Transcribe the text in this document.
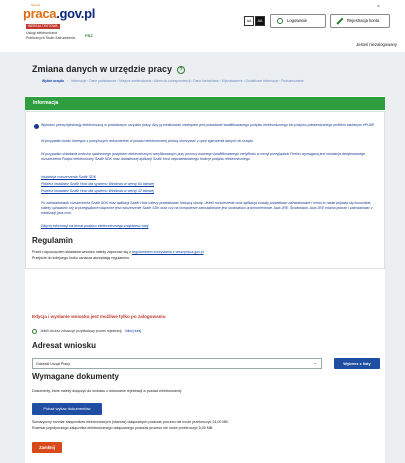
Serwis
praca.gov.pl
WERSJA TESTOWA
Usługi elektroniczne
Publicznych Służb Zatrudnienia	PSZ
AA	AA	Logowanie	Rejestracja konta
×
Jesteś niezalogowany
Zmiana danych w urzędzie pracy	?
Wybór urzędu › Informacje › Dane podstawowe › Miejsce zamieszkania › Adres do korespondencji › Dane kontaktowe › Wykształcenie › Dodatkowe informacje › Podsumowanie
Informacja
Wybrano pełną rejestrację elektroniczną w powiatowym urzędzie pracy. Aby ją zrealizować niezbędne jest posiadanie kwalifikowanego podpisu elektronicznego lub podpisu potwierdzonego profilem zaufanym ePUAP.
W przypadku braku któregoś z powyższych dokumentów w postaci elektronicznej proszę skorzystać z opcji zgłoszenia danych do urzędu.
W przypadku składania wniosku opatrzonego podpisem elektronicznym weryfikowanym przy pomocy ważnego kwalifikowanego certyfikatu w wersji przeglądarki Firefox wymagana jest instalacja dedykowanego rozszerzenia Podpis elektroniczny Szafir SDK oraz dodatkowej aplikacji Szafir Host odpowiedzialnego funkcje podpisu elektronicznego.
Instalacja rozszerzenia Szafir SDK
Pobierz instalator Szafir Host dla systemu Windows w wersji 64 bitowej
Pobierz instalator Szafir Host dla systemu Windows w wersji 32 bitowej
Po zainstalowaniu rozszerzenia Szafir SDK oraz aplikacji Szafir Host należy przeładować bieżącą stronę. Jeżeli rozszerzenie oraz aplikacja zostały prawidłowo zainstalowane i mimo to nadal pojawia się komunikat, należy sprawdzić czy w przeglądarce włączone jest rozszerzenie Szafir SDK oraz czy na komputerze zainstalowane jest środowisko uruchomieniowe Java JRE. Środowisko Java JRE można pobrać i zainstalować z lokalizacji java.com.
Więcej informacji na temat podpisu elektronicznego znajdziesz tutaj
Regulamin
Przed rozpoczęciem składania wniosku należy zapoznać się z regulaminem korzystania z www.praca.gov.pl.
Przejście do kolejnego kroku oznacza akceptację regulaminu.
Edycja i wysłanie wniosku jest możliwe tylko po zalogowaniu
Jeżeli chcesz zobaczyć przykładowy proces rejestracji, kliknij tutaj.
Adresat wniosku
Gdański Urząd Pracy	⌄	Wybierz z listy
Wymagane dokumenty
Dokumenty, które należy dołączyć do wniosku o dokonanie rejestracji w postaci elektronicznej:
Pokaż wykaz dokumentów
Sumaryczny rozmiar załączników elektronicznych (skanów) dołączanych podczas procesu nie może przekroczyć 24,00 MB.
Rozmiar pojedynczego załącznika elektronicznego dołączanego podczas procesu nie może przekroczyć 5,00 MB.
Zamknij
